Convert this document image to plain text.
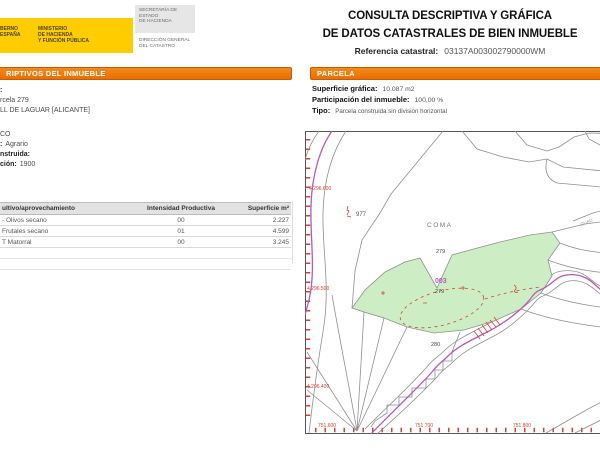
BERNO
ESPAÑA
MINISTERIO
DE HACIENDA
Y FUNCIÓN PÚBLICA
SECRETARÍA DE ESTADO
DE HACIENDA
DIRECCIÓN GENERAL
DEL CATASTRO
CONSULTA DESCRIPTIVA Y GRÁFICA
DE DATOS CATASTRALES DE BIEN INMUEBLE
Referencia catastral: 03137A003002790000WM
RIPTIVOS DEL INMUEBLE	PARCELA
:
rcela 279
LL DE LAGUAR [ALICANTE]
CO
: Agrario
nstruida:
ción: 1900
ultivo/aprovechamiento	Intensidad Productiva	Superficie m²
- Olivos secano	00	2.227
Frutales secano	01	4.599
T Matorral	00	3.245
Superficie gráfica: 10.087 m2
Participación del inmueble: 100,00 %
Tipo: Parcela construida sin división horizontal
4.296.600
4.296.500
4.296.400
751.600	751.700	751.800
977
COMA
279
003
279
280
GUAD
